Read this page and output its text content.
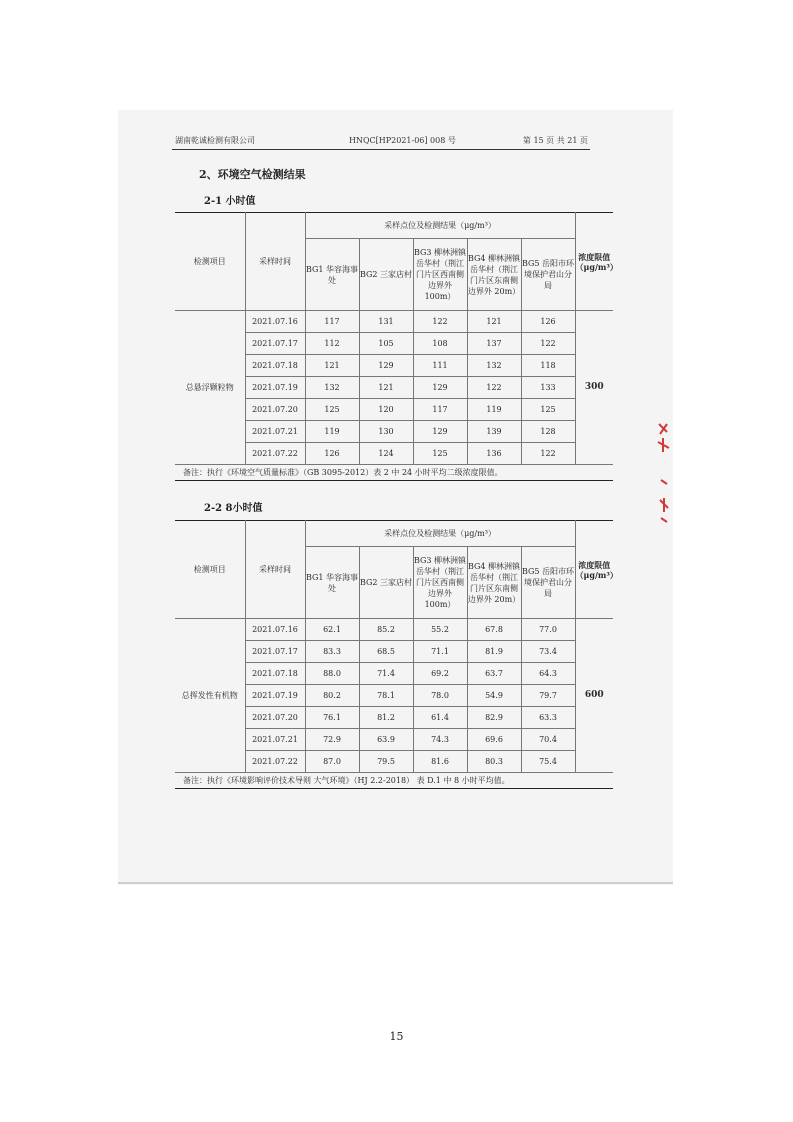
湖南乾诚检测有限公司	HNQC[HP2021-06] 008 号	第 15 页 共 21 页
2、环境空气检测结果
2-1 小时值
检测项目	采样时间	采样点位及检测结果（μg/m³）					浓度限值（μg/m³）
		BG1 华容海事处	BG2 三家店村	BG3 柳林洲镇岳华村（荆江门片区西南侧边界外 100m）	BG4 柳林洲镇岳华村（荆江门片区东南侧边界外 20m）	BG5 岳阳市环境保护君山分局	
总悬浮颗粒物	2021.07.16	117	131	122	121	126	300
	2021.07.17	112	105	108	137	122	
	2021.07.18	121	129	111	132	118	
	2021.07.19	132	121	129	122	133	
	2021.07.20	125	120	117	119	125	
	2021.07.21	119	130	129	139	128	
	2021.07.22	126	124	125	136	122	
备注：执行《环境空气质量标准》（GB 3095-2012）表 2 中 24 小时平均二级浓度限值。							
2-2 8小时值
检测项目	采样时间	采样点位及检测结果（μg/m³）					浓度限值（μg/m³）
		BG1 华容海事处	BG2 三家店村	BG3 柳林洲镇岳华村（荆江门片区西南侧边界外 100m）	BG4 柳林洲镇岳华村（荆江门片区东南侧边界外 20m）	BG5 岳阳市环境保护君山分局	
总挥发性有机物	2021.07.16	62.1	85.2	55.2	67.8	77.0	600
	2021.07.17	83.3	68.5	71.1	81.9	73.4	
	2021.07.18	88.0	71.4	69.2	63.7	64.3	
	2021.07.19	80.2	78.1	78.0	54.9	79.7	
	2021.07.20	76.1	81.2	61.4	82.9	63.3	
	2021.07.21	72.9	63.9	74.3	69.6	70.4	
	2021.07.22	87.0	79.5	81.6	80.3	75.4	
备注：执行《环境影响评价技术导则 大气环境》（HJ 2.2-2018） 表 D.1 中 8 小时平均值。							
15
